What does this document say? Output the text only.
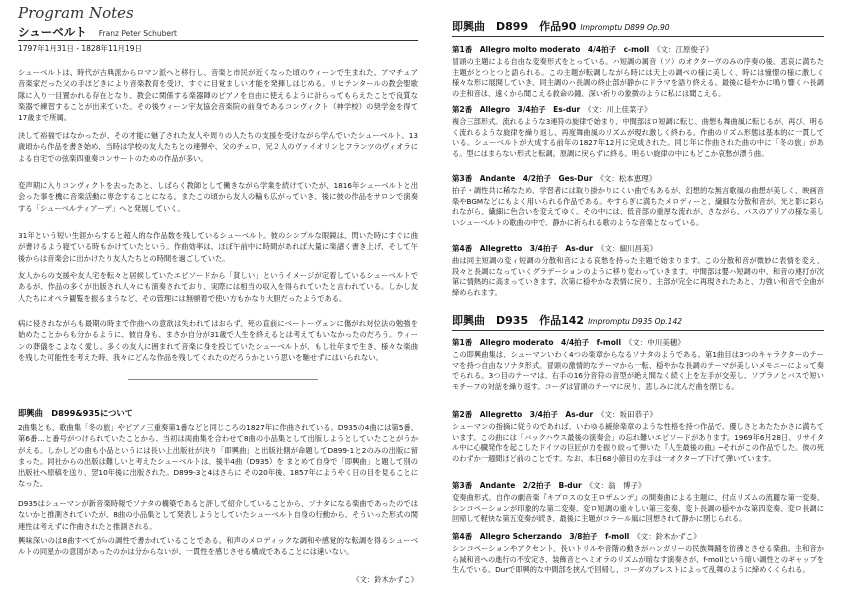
Program Notes
シューベルト Franz Peter Schubert
1797年1月31日 - 1828年11月19日

シューベルトは、時代が古典派からロマン派へと移行し、音楽と市民が近くなった頃のウィーンで生まれた。アマチュア音楽家だった父の手ほどきにより音楽教育を受け、すぐに目覚ましい才能を発揮しはじめる。リヒテンタールの教会聖歌隊に入り一目置かれる存在となり、教会に関係する楽器陣のピアノを自由に使えるように計らってもらえたことで良質な楽器で練習することが出来ていた。その後ウィーン宇友協会音楽院の前身であるコンヴィクト（神学校）の奨学金を得て17歳まで所属。

決して裕福ではなかったが、その才能に魅了された友人や周りの人たちの支援を受けながら学んでいたシューベルト。13歳頃から作品を書き始め、当時は学校の友人たちとの連弾や、父のチェロ、兄２人のヴァイオリンとフランツのヴィオラによる自宅での弦楽四重奏コンサートのための作品が多い。

変声期に入りコンヴィクトを去ったあと、しばらく教師として働きながら学業を続けていたが、1816年シューベルトと出会った事を機に音楽活動に専念することになる。またこの頃から友人の輪も広がっていき、後に彼の作品をサロンで演奏する「シューベルティアーデ」へと発展していく。

31年という短い生涯からすると超人的な作品数を残しているシューベルト。彼のシンプルな眼鏡は、閃いた時にすぐに曲が書けるよう寝ている時もかけていたという。作曲効率は、ほぼ午前中に時間があれば大量に楽譜く書き上げ、そして午後からは音楽会に出かけたり友人たちとの時間を過ごしていた。

友人からの支援や友人宅を転々と居候していたエピソードから「貧しい」というイメージが定着しているシューベルトであるが、作品の多くが出版され人々にも演奏されており、実際には相当の収入を得られていたと言われている。しかし友人たちにオペラ観覧を振るまうなど、その管理には無頓着で使い方もかなり大胆だったようである。

病に侵されながらも最期の時まで作曲への意欲は失われてはおらず、死の直前にベートーヴェンに傷がれ対位法の勉強を始めたことからも分かるように、彼自身も、まさか自分が31歳で人生を終えるとは考えてもいなかったのだろう。ウィーンの葬儀をこよなく愛し、多くの友人に囲まれて音楽に身を投じていたシューベルトが、もし壮年まで生き、様々な楽曲を残した可能性を考えた時、我々にどんな作品を残してくれたのだろうかという思いを馳せずにはいられない。

即興曲　D899&935について

2曲集とも、歌曲集「冬の旅」やピアノ三重奏第1番などと同じころの1827年に作曲されている。D935の4曲には第5番、第6番…と番号がつけられていたことから、当初は両曲集を合わせて8曲の小品集として出版しようとしていたことがうかがえる。しかしどの曲も小品というには長い上出版社が決り「即興曲」と出版社側が命題してD899-1と2のみの出版に留まった。同社からの出版は難しいと考えたシューベルトは、後半4曲（D935）を まとめて自身で「即興曲」と題して別の出版社へ原稿を送り、翌10年後に出版された。D899-3と4はさらに その20年後、1857年にようやく日の目を見ることになった。

D935はシューマンが新音楽時報でソナタの構築であると評して紹介していることから、ソナタになる楽曲であったのではないかと推測されていたが、8曲の小品集として発表しようとしていたシューベルト自身の行動から、そういった形式の関連性は考えずに作曲されたと推測される。

興味深いのは8曲すべてが♭の調性で書かれていることである。和声のメロディックな調和や感覚的な転調を得るシューベルトの同星かの意図があったのかは分からないが、一貫性を感じさせる構成であることには違いない。

《文：鈴木かずこ》
即興曲　D899　作品90 Impromptu D899 Op.90
第1番　Allegro molto moderato　4/4拍子　c-moll　 《文：江原俊子》

冒頭の主題による自由な変奏形式をとっている。ハ短調の属音（ソ）のオクターヴのみの序奏の後、悲哀に満ちた主題がとつとつと語られる。この主題が転調しながら時には天上の調べの様に美しく、時には憧憬の様に激しく様々な形に展開していき、同主調のハ長調の終止部が静かにドラマを語り終える。最後に穏やかに鳴り響くハ長調の主和音は、遠くから聞こえる救命の鐘、深い祈りの象徴のように私には聞こえる。

第2番　Allegro　3/4拍子　Es-dur　 《文：川上佳菜子》

複合三部形式。流れるような3連符の旋律で始まり、中間部はロ短調に転じ、曲想も舞曲風に転じるが、再び、明るく流れるような旋律を繰り返し、再度舞曲風のリズムが現れ激しく終わる。作曲のリズム形態は基本的に一貫している。シューベルトが大成する前年の1827年12月に完成された。同じ年に作曲された曲の中に「冬の旅」がある。型にはまらない形式と転調。原調に戻らずに終る。明るい旋律の中にもどこか哀愁が漂う曲。

第3番　Andante　4/2拍子　Ges-Dur　 《文：松本恵理》

拍子・調性共に稀なため、学習者には取り掛かりにくい曲でもあるが、幻想的な無言歌風の曲想が美しく、映画音楽やBGMなどにもよく用いられる作品である。やすらぎに満ちたメロディーと、繊細な分散和音が、光と影に彩られながら、繊細に色合いを変えてゆく。その中には、低音部の重厚な流れが、さながら、バスのアリアの様な美しいシューベルトの歌曲の中で、静かに祈られる歌のような音楽となっている。

第4番　Allegretto　3/4拍子　As-dur　 《文：細川昌美》

曲は同主短調の変ィ短調の分散和音による哀愁を持った主題で始まります。この分散和音が微妙に表情を変え、段々と長調になっていくグラデーションのように移り変わっていきます。中間部は嬰ハ短調の中、和音の連打が次第に情熱的に高まっていきます。次第に穏やかな表情に戻り、主部が完全に再現されたあと、力強い和音で全曲が締められます。

即興曲　D935　作品142 Impromptu D935 Op.142
第1番　Allegro moderato　4/4拍子　f-moll　 《文：中川美穂》

この即興曲集は、シューマンいわく4つの楽章からなるソナタのようである。第1曲目は3つのキャラクターのテーマを持つ自由なソナタ形式。冒頭の激情的なテーマから一転、穏やかな長調のテーマが美しいメモニーによって奏でられる。3つ目のテーマは、右手の16分音符の音型が絶え間なく続く上を左手が交差し、ソプラノとバスで短いモチーフの対話を繰り返す。コーダは冒頭のテーマに戻り、悲しみに沈んだ曲を閉じる。

第2番　Allegretto　3/4拍子　As-dur　 《文：坂田恭子》

シューマンの指摘に従うのであれば、いわゆる緩徐楽章のような性格を持つ作品で、優しさとあたたかさに満ちています。この曲には「バックハウス最後の演奏会」の忘れ難いエピソードがあります。1969年6月28日、リサイタル中に心臓発作を起こしたドイツの巨匠が力を振り絞って弾いた『人生最後の曲』─それがこの作品でした。彼の死のわずか一週間ほど前のことです。なお、本日68小節目の左手は一オクターブ下げて弾いています。

第3番　Andante　2/2拍子　B-dur　 《文：翁　博子》

変奏曲形式。自作の劇音楽『キプロスの女王ロザムンデ』の間奏曲による主題に、付点リズムの流麗な第一変奏、シンコペーションが印象的な第二変奏、変ロ短調の重々しい第三変奏、変ト長調の穏やかな第四変奏、変ロ長調に回帰して軽快な第五変奏が続き、最後に主題がコラール風に回想されて静かに閉じられる。

第4番　Allegro Scherzando　3/8拍子　f-moll　 《文：鈴木かずこ》

シンコペーションやアクセント、長いトリルや音階の動きがハンガリーの民族舞踊を彷彿とさせる楽曲。主和音から減和音への進行の不安定さ、装飾音とヘミオラのリズムが暗なす演奏さが、f-mollという暗い調性とのギャップを生んでいる。Durで即興的な中間部を挟んで回帰し、コーダのプレストによって乱舞のように締めくくられる。
